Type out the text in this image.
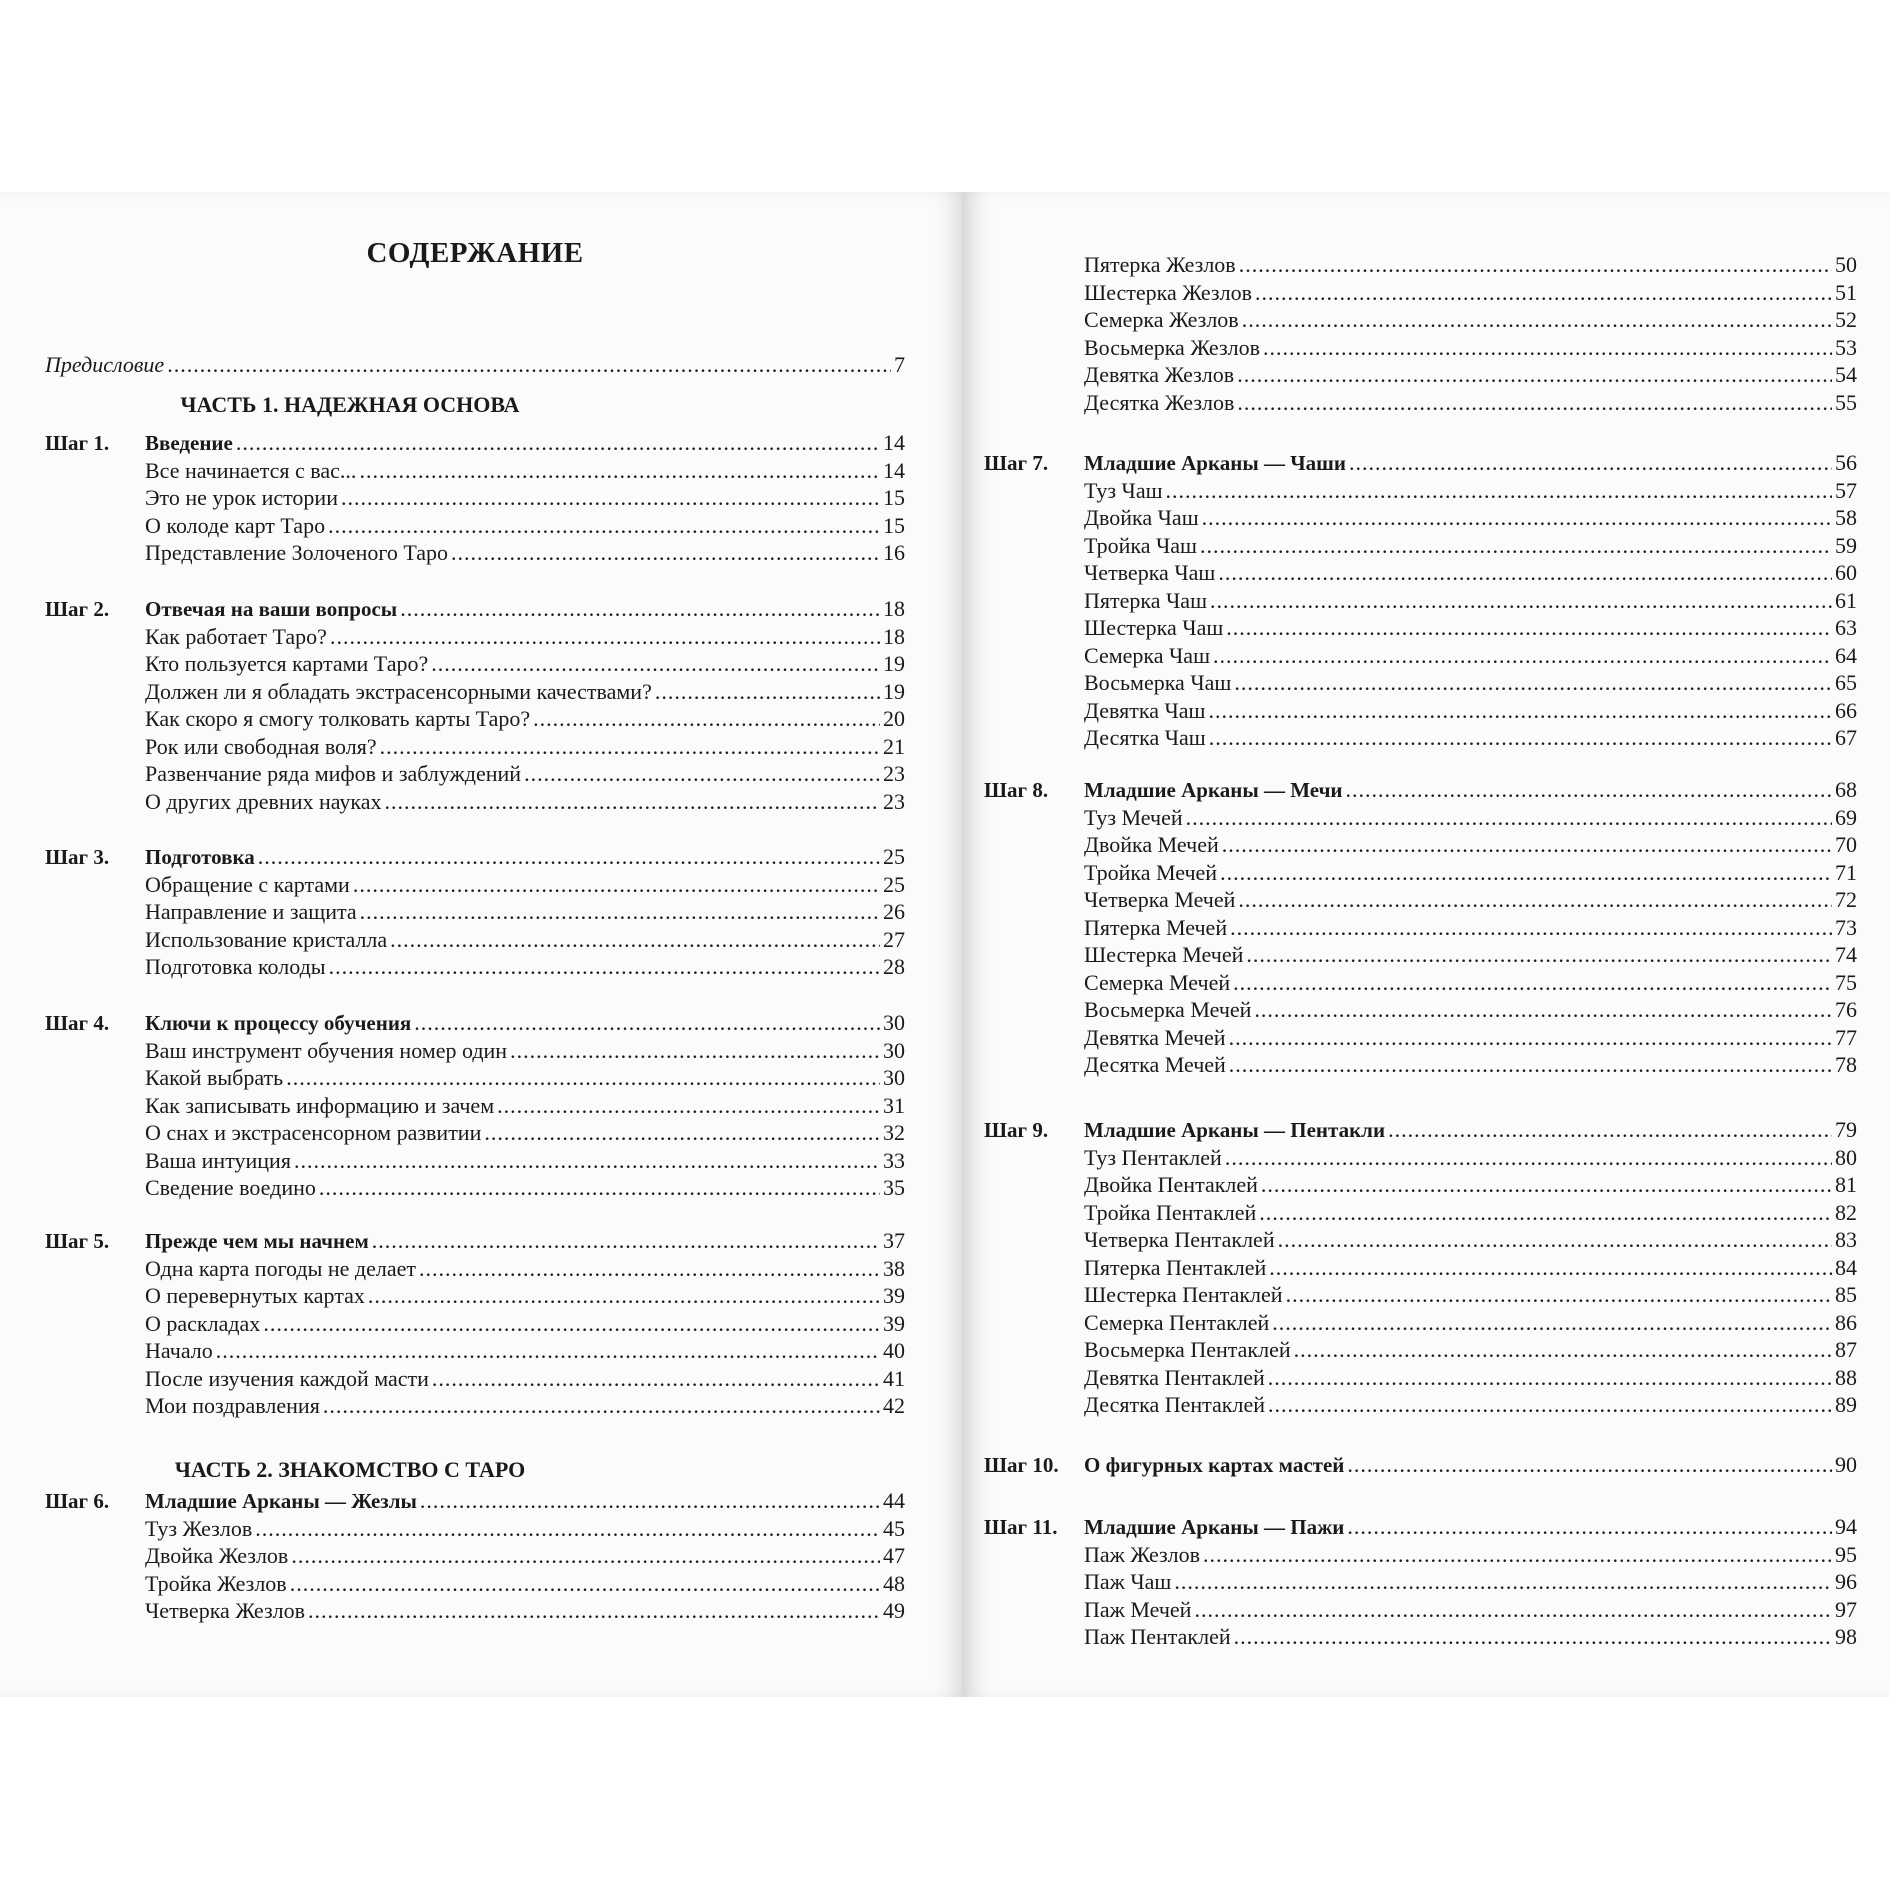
СОДЕРЖАНИЕ
Предисловие .....	7
ЧАСТЬ 1. НАДЕЖНАЯ ОСНОВА
ЧАСТЬ 2. ЗНАКОМСТВО С ТАРО
Шаг 1.	Введение .....	14
Все начинается с вас... .....	14
Это не урок истории .....	15
О колоде карт Таро .....	15
Представление Золоченого Таро .....	16
Шаг 2.	Отвечая на ваши вопросы .....	18
Как работает Таро? .....	18
Кто пользуется картами Таро? .....	19
Должен ли я обладать экстрасенсорными качествами? .....	19
Как скоро я смогу толковать карты Таро? .....	20
Рок или свободная воля? .....	21
Развенчание ряда мифов и заблуждений .....	23
О других древних науках .....	23
Шаг 3.	Подготовка .....	25
Обращение с картами .....	25
Направление и защита .....	26
Использование кристалла .....	27
Подготовка колоды .....	28
Шаг 4.	Ключи к процессу обучения .....	30
Ваш инструмент обучения номер один .....	30
Какой выбрать .....	30
Как записывать информацию и зачем .....	31
О снах и экстрасенсорном развитии .....	32
Ваша интуиция .....	33
Сведение воедино .....	35
Шаг 5.	Прежде чем мы начнем .....	37
Одна карта погоды не делает .....	38
О перевернутых картах .....	39
О раскладах .....	39
Начало .....	40
После изучения каждой масти .....	41
Мои поздравления .....	42
Шаг 6.	Младшие Арканы — Жезлы .....	44
Туз Жезлов .....	45
Двойка Жезлов .....	47
Тройка Жезлов .....	48
Четверка Жезлов .....	49
Пятерка Жезлов .....	50
Шестерка Жезлов .....	51
Семерка Жезлов .....	52
Восьмерка Жезлов .....	53
Девятка Жезлов .....	54
Десятка Жезлов .....	55
Шаг 7.	Младшие Арканы — Чаши .....	56
Туз Чаш .....	57
Двойка Чаш .....	58
Тройка Чаш .....	59
Четверка Чаш .....	60
Пятерка Чаш .....	61
Шестерка Чаш .....	63
Семерка Чаш .....	64
Восьмерка Чаш .....	65
Девятка Чаш .....	66
Десятка Чаш .....	67
Шаг 8.	Младшие Арканы — Мечи .....	68
Туз Мечей .....	69
Двойка Мечей .....	70
Тройка Мечей .....	71
Четверка Мечей .....	72
Пятерка Мечей .....	73
Шестерка Мечей .....	74
Семерка Мечей .....	75
Восьмерка Мечей .....	76
Девятка Мечей .....	77
Десятка Мечей .....	78
Шаг 9.	Младшие Арканы — Пентакли .....	79
Туз Пентаклей .....	80
Двойка Пентаклей .....	81
Тройка Пентаклей .....	82
Четверка Пентаклей .....	83
Пятерка Пентаклей .....	84
Шестерка Пентаклей .....	85
Семерка Пентаклей .....	86
Восьмерка Пентаклей .....	87
Девятка Пентаклей .....	88
Десятка Пентаклей .....	89
Шаг 10.	О фигурных картах мастей .....	90
Шаг 11.	Младшие Арканы — Пажи .....	94
Паж Жезлов .....	95
Паж Чаш .....	96
Паж Мечей .....	97
Паж Пентаклей .....	98
